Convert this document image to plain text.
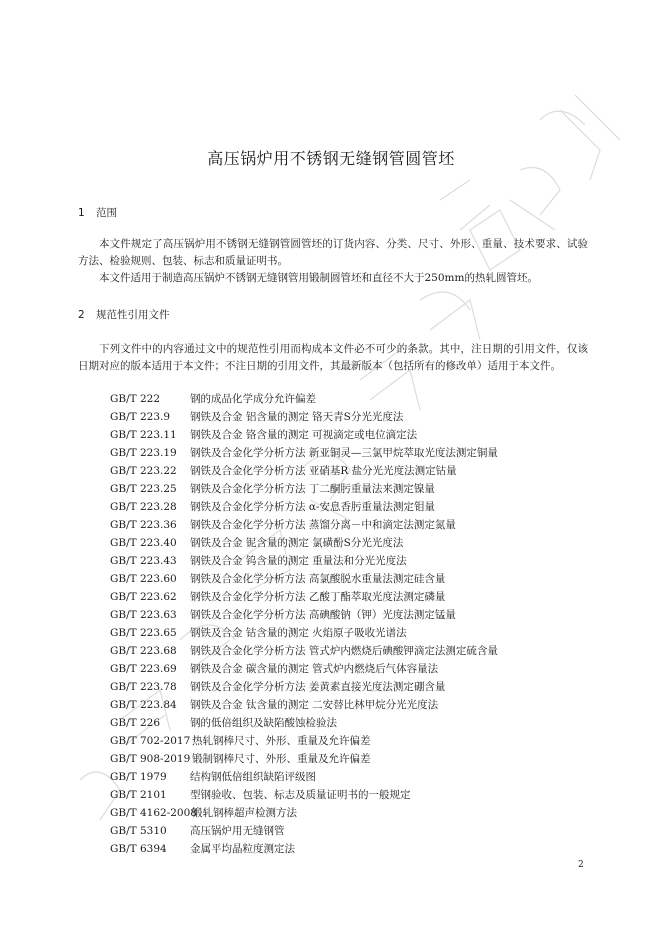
高压锅炉用不锈钢无缝钢管圆管坯
1 范围
本文件规定了高压锅炉用不锈钢无缝钢管圆管坯的订货内容、分类、尺寸、外形、重量、技术要求、试验方法、检验规则、包装、标志和质量证明书。
本文件适用于制造高压锅炉不锈钢无缝钢管用锻制圆管坯和直径不大于250mm的热轧圆管坯。
2 规范性引用文件
下列文件中的内容通过文中的规范性引用而构成本文件必不可少的条款。其中，注日期的引用文件，仅该日期对应的版本适用于本文件；不注日期的引用文件，其最新版本（包括所有的修改单）适用于本文件。
GB/T 222	钢的成品化学成分允许偏差
GB/T 223.9 钢铁及合金 铝含量的测定 铬天青S分光光度法
GB/T 223.11 钢铁及合金 铬含量的测定 可视滴定或电位滴定法
GB/T 223.19 钢铁及合金化学分析方法 新亚铜灵—三氯甲烷萃取光度法测定铜量
GB/T 223.22 钢铁及合金化学分析方法 亚硝基R 盐分光光度法测定钴量
GB/T 223.25 钢铁及合金化学分析方法 丁二酮肟重量法来测定镍量
GB/T 223.28 钢铁及合金化学分析方法 α-安息香肟重量法测定钼量
GB/T 223.36 钢铁及合金化学分析方法 蒸馏分离－中和滴定法测定氮量
GB/T 223.40 钢铁及合金 铌含量的测定 氯磺酚S分光光度法
GB/T 223.43 钢铁及合金 钨含量的测定 重量法和分光光度法
GB/T 223.60 钢铁及合金化学分析方法 高氯酸脱水重量法测定硅含量
GB/T 223.62 钢铁及合金化学分析方法 乙酸丁酯萃取光度法测定磷量
GB/T 223.63 钢铁及合金化学分析方法 高碘酸钠（钾）光度法测定锰量
GB/T 223.65 钢铁及合金 钴含量的测定 火焰原子吸收光谱法
GB/T 223.68 钢铁及合金化学分析方法 管式炉内燃烧后碘酸钾滴定法测定硫含量
GB/T 223.69 钢铁及合金 碳含量的测定 管式炉内燃烧后气体容量法
GB/T 223.78 钢铁及合金化学分析方法 姜黄素直接光度法测定硼含量
GB/T 223.84 钢铁及合金 钛含量的测定 二安替比林甲烷分光光度法
GB/T 226	钢的低倍组织及缺陷酸蚀检验法
GB/T 702-2017 热轧钢棒尺寸、外形、重量及允许偏差
GB/T 908-2019 锻制钢棒尺寸、外形、重量及允许偏差
GB/T 1979 结构钢低倍组织缺陷评级图
GB/T 2101 型钢验收、包装、标志及质量证明书的一般规定
GB/T 4162-2008锻轧钢棒超声检测方法
GB/T 5310 高压锅炉用无缝钢管
GB/T 6394 金属平均晶粒度测定法
2
